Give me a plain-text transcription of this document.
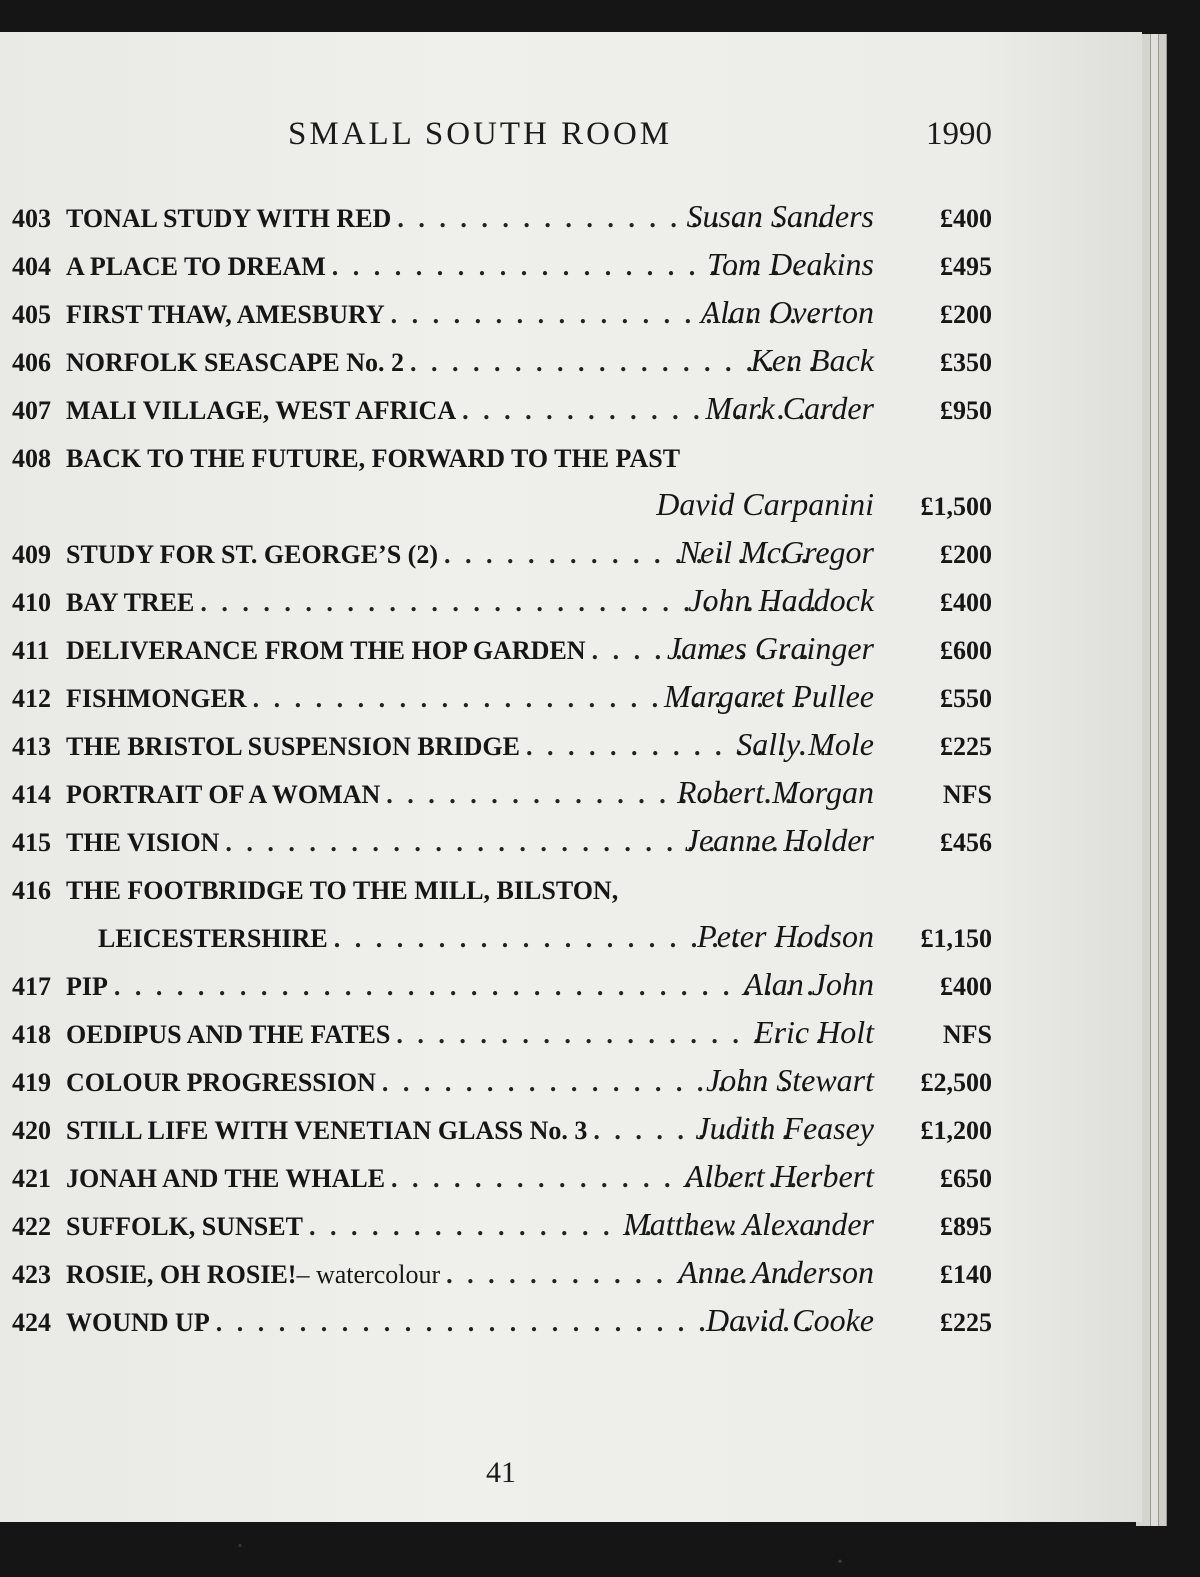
SMALL SOUTH ROOM	1990
403 TONAL STUDY WITH RED . . .	Susan Sanders	£400
404 A PLACE TO DREAM . . .	Tom Deakins	£495
405 FIRST THAW, AMESBURY . . .	Alan Overton	£200
406 NORFOLK SEASCAPE No. 2 . . .	Ken Back	£350
407 MALI VILLAGE, WEST AFRICA . . .	Mark Carder	£950
408 BACK TO THE FUTURE, FORWARD TO THE PAST
David Carpanini £1,500
409 STUDY FOR ST. GEORGE’S (2) . . .	Neil McGregor	£200
410 BAY TREE . . .	John Haddock	£400
411 DELIVERANCE FROM THE HOP GARDEN . . .	James Grainger	£600
412 FISHMONGER . . .	Margaret Pullee	£550
413 THE BRISTOL SUSPENSION BRIDGE . . .	Sally Mole	£225
414 PORTRAIT OF A WOMAN . . .	Robert Morgan	NFS
415 THE VISION . . .	Jeanne Holder	£456
416 THE FOOTBRIDGE TO THE MILL, BILSTON,
LEICESTERSHIRE . . .	Peter Hodson £1,150
417 PIP . . .	Alan John	£400
418 OEDIPUS AND THE FATES . . .	Eric Holt	NFS
419 COLOUR PROGRESSION . . .	John Stewart £2,500
420 STILL LIFE WITH VENETIAN GLASS No. 3 . . .	Judith Feasey £1,200
421 JONAH AND THE WHALE . . .	Albert Herbert	£650
422 SUFFOLK, SUNSET . . .	Matthew Alexander	£895
423 ROSIE, OH ROSIE! – watercolour . . .	Anne Anderson	£140
424 WOUND UP . . .	David Cooke	£225
41
